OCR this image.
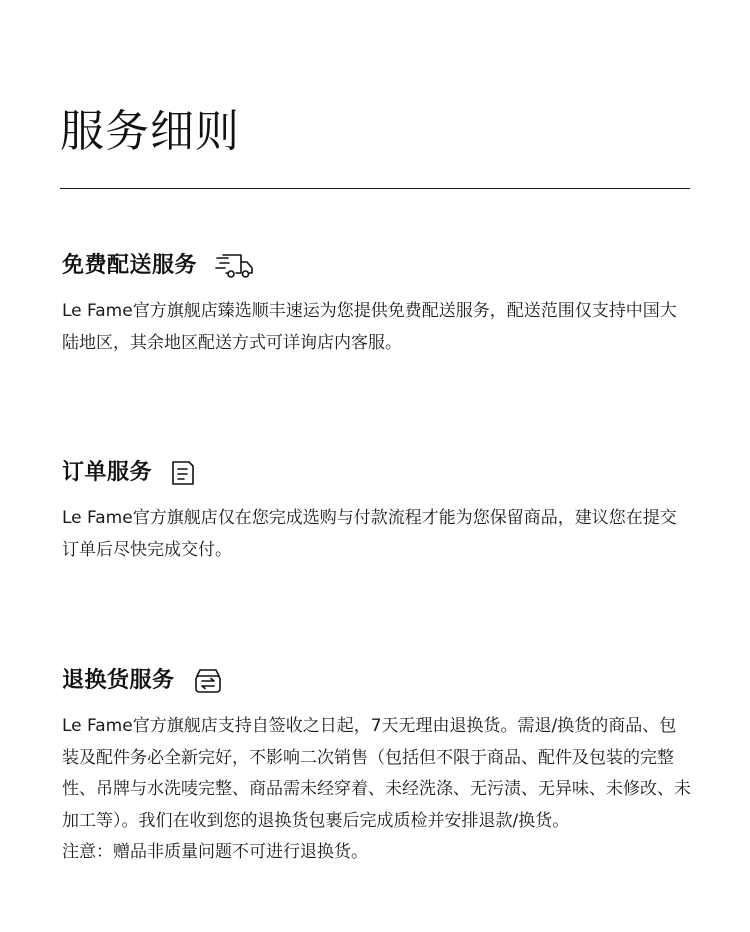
服务细则
免费配送服务

Le Fame官方旗舰店臻选顺丰速运为您提供免费配送服务，配送范围仅支持中国大陆地区，其余地区配送方式可详询店内客服。

订单服务

Le Fame官方旗舰店仅在您完成选购与付款流程才能为您保留商品，建议您在提交订单后尽快完成交付。

退换货服务

Le Fame官方旗舰店支持自签收之日起，7天无理由退换货。需退/换货的商品、包装及配件务必全新完好，不影响二次销售（包括但不限于商品、配件及包装的完整性、吊牌与水洗唛完整、商品需未经穿着、未经洗涤、无污渍、无异味、未修改、未加工等）。我们在收到您的退换货包裹后完成质检并安排退款/换货。

注意：赠品非质量问题不可进行退换货。
